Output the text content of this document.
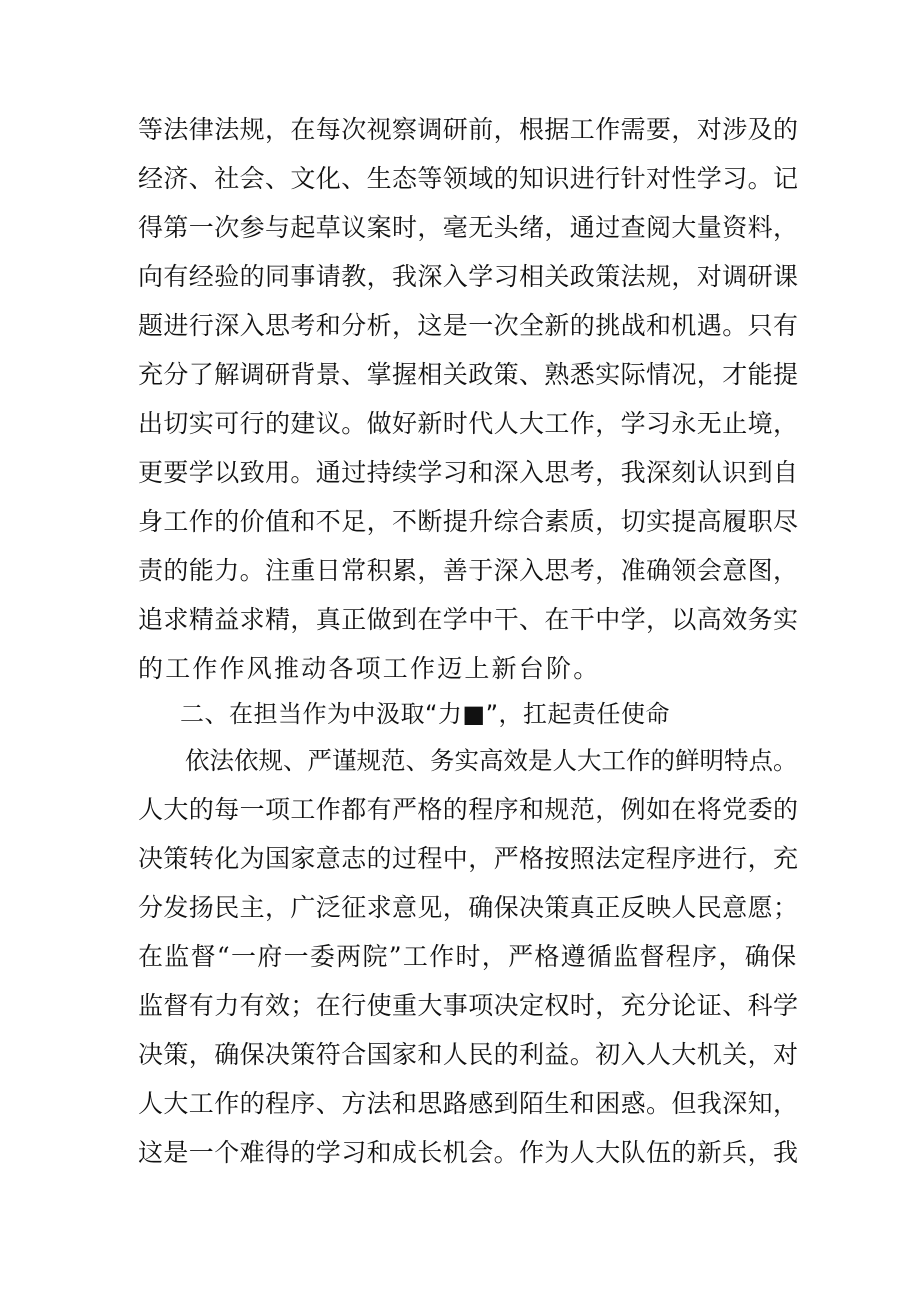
等法律法规，在每次视察调研前，根据工作需要，对涉及的
经济、社会、文化、生态等领域的知识进行针对性学习。记
得第一次参与起草议案时，毫无头绪，通过查阅大量资料，
向有经验的同事请教，我深入学习相关政策法规，对调研课
题进行深入思考和分析，这是一次全新的挑战和机遇。只有
充分了解调研背景、掌握相关政策、熟悉实际情况，才能提
出切实可行的建议。做好新时代人大工作，学习永无止境，
更要学以致用。通过持续学习和深入思考，我深刻认识到自
身工作的价值和不足，不断提升综合素质，切实提高履职尽
责的能力。注重日常积累，善于深入思考，准确领会意图，
追求精益求精，真正做到在学中干、在干中学，以高效务实
的工作作风推动各项工作迈上新台阶。
二、在担当作为中汲取“力■”，扛起责任使命
依法依规、严谨规范、务实高效是人大工作的鲜明特点。
人大的每一项工作都有严格的程序和规范，例如在将党委的
决策转化为国家意志的过程中，严格按照法定程序进行，充
分发扬民主，广泛征求意见，确保决策真正反映人民意愿；
在监督“一府一委两院”工作时，严格遵循监督程序，确保
监督有力有效；在行使重大事项决定权时，充分论证、科学
决策，确保决策符合国家和人民的利益。初入人大机关，对
人大工作的程序、方法和思路感到陌生和困惑。但我深知，
这是一个难得的学习和成长机会。作为人大队伍的新兵，我
